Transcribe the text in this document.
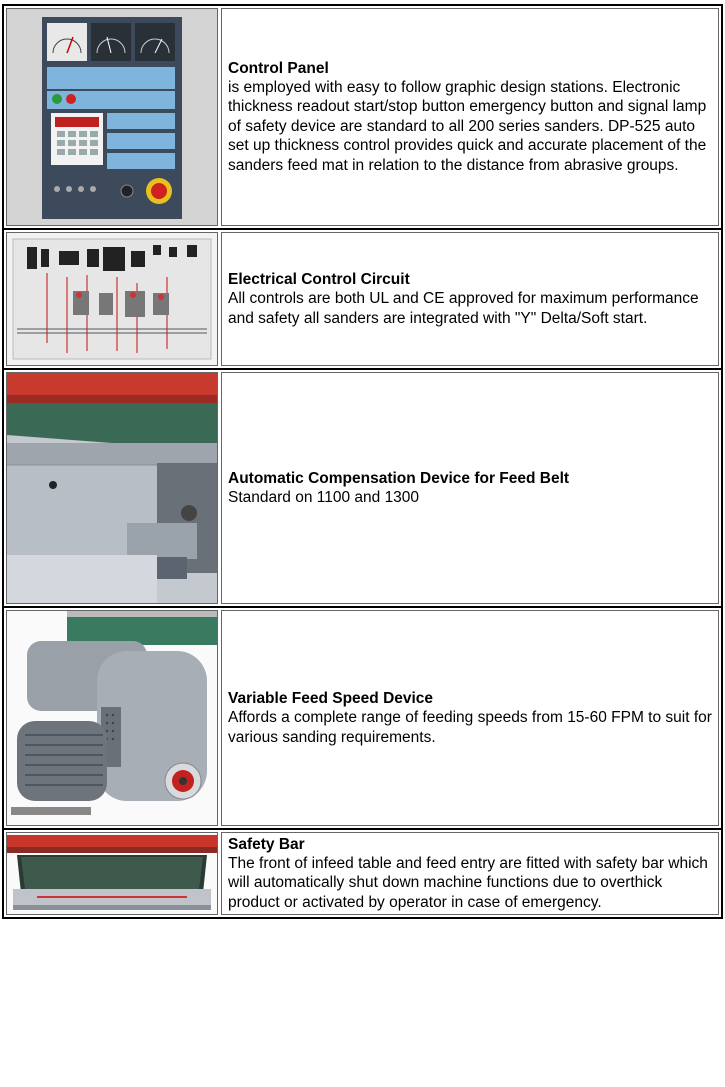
Control Panel
is employed with easy to follow graphic design stations. Electronic thickness readout start/stop button emergency button and signal lamp of safety device are standard to all 200 series sanders. DP-525 auto set up thickness control provides quick and accurate placement of the sanders feed mat in relation to the distance from abrasive groups.
Electrical Control Circuit
All controls are both UL and CE approved for maximum performance and safety all sanders are integrated with "Y" Delta/Soft start.
Automatic Compensation Device for Feed Belt
Standard on 1100 and 1300
Variable Feed Speed Device
Affords a complete range of feeding speeds from 15-60 FPM to suit for various sanding requirements.
Safety Bar
The front of infeed table and feed entry are fitted with safety bar which will automatically shut down machine functions due to overthick product or activated by operator in case of emergency.
